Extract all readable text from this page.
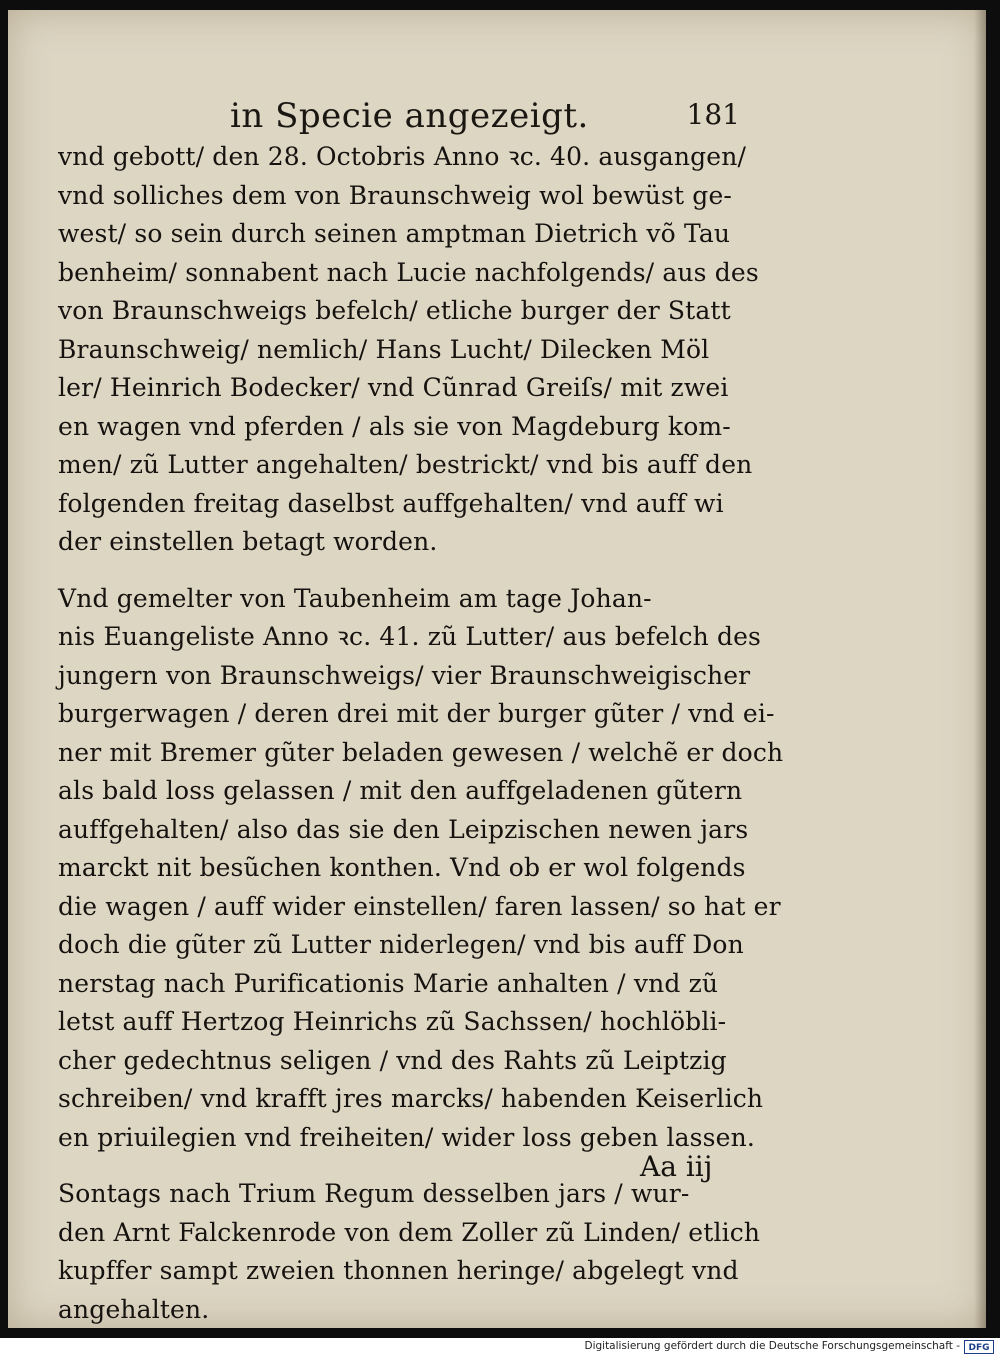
in Specie angezeigt.	181
vnd gebott/ den 28. Octobris Anno ꝛc. 40. ausgangen/
vnd solliches dem von Braunschweig wol bewüst ge-
west/ so sein durch seinen amptman Dietrich võ Tau
benheim/ sonnabent nach Lucie nachfolgends/ aus des
von Braunschweigs befelch/ etliche burger der Statt
Braunschweig/ nemlich/ Hans Lucht/ Dilecken Möl
ler/ Heinrich Bodecker/ vnd Cũnrad Greiſs/ mit zwei
en wagen vnd pferden / als sie von Magdeburg kom-
men/ zũ Lutter angehalten/ bestrickt/ vnd bis auff den
folgenden freitag daselbst auffgehalten/ vnd auff wi
der einstellen betagt worden.
Vnd gemelter von Taubenheim am tage Johan-
nis Euangeliste Anno ꝛc. 41. zũ Lutter/ aus befelch des
jungern von Braunschweigs/ vier Braunschweigischer
burgerwagen / deren drei mit der burger gũter / vnd ei-
ner mit Bremer gũter beladen gewesen / welchẽ er doch
als bald loss gelassen / mit den auffgeladenen gũtern
auffgehalten/ also das sie den Leipzischen newen jars
marckt nit besũchen konthen. Vnd ob er wol folgends
die wagen / auff wider einstellen/ faren lassen/ so hat er
doch die gũter zũ Lutter niderlegen/ vnd bis auff Don
nerstag nach Purificationis Marie anhalten / vnd zũ
letst auff Hertzog Heinrichs zũ Sachssen/ hochlöbli-
cher gedechtnus seligen / vnd des Rahts zũ Leiptzig
schreiben/ vnd krafft jres marcks/ habenden Keiserlich
en priuilegien vnd freiheiten/ wider loss geben lassen.
Sontags nach Trium Regum desselben jars / wur-
den Arnt Falckenrode von dem Zoller zũ Linden/ etlich
kupffer sampt zweien thonnen heringe/ abgelegt vnd
angehalten.
Aa iij
Digitalisierung gefördert durch die Deutsche Forschungsgemeinschaft - DFG
